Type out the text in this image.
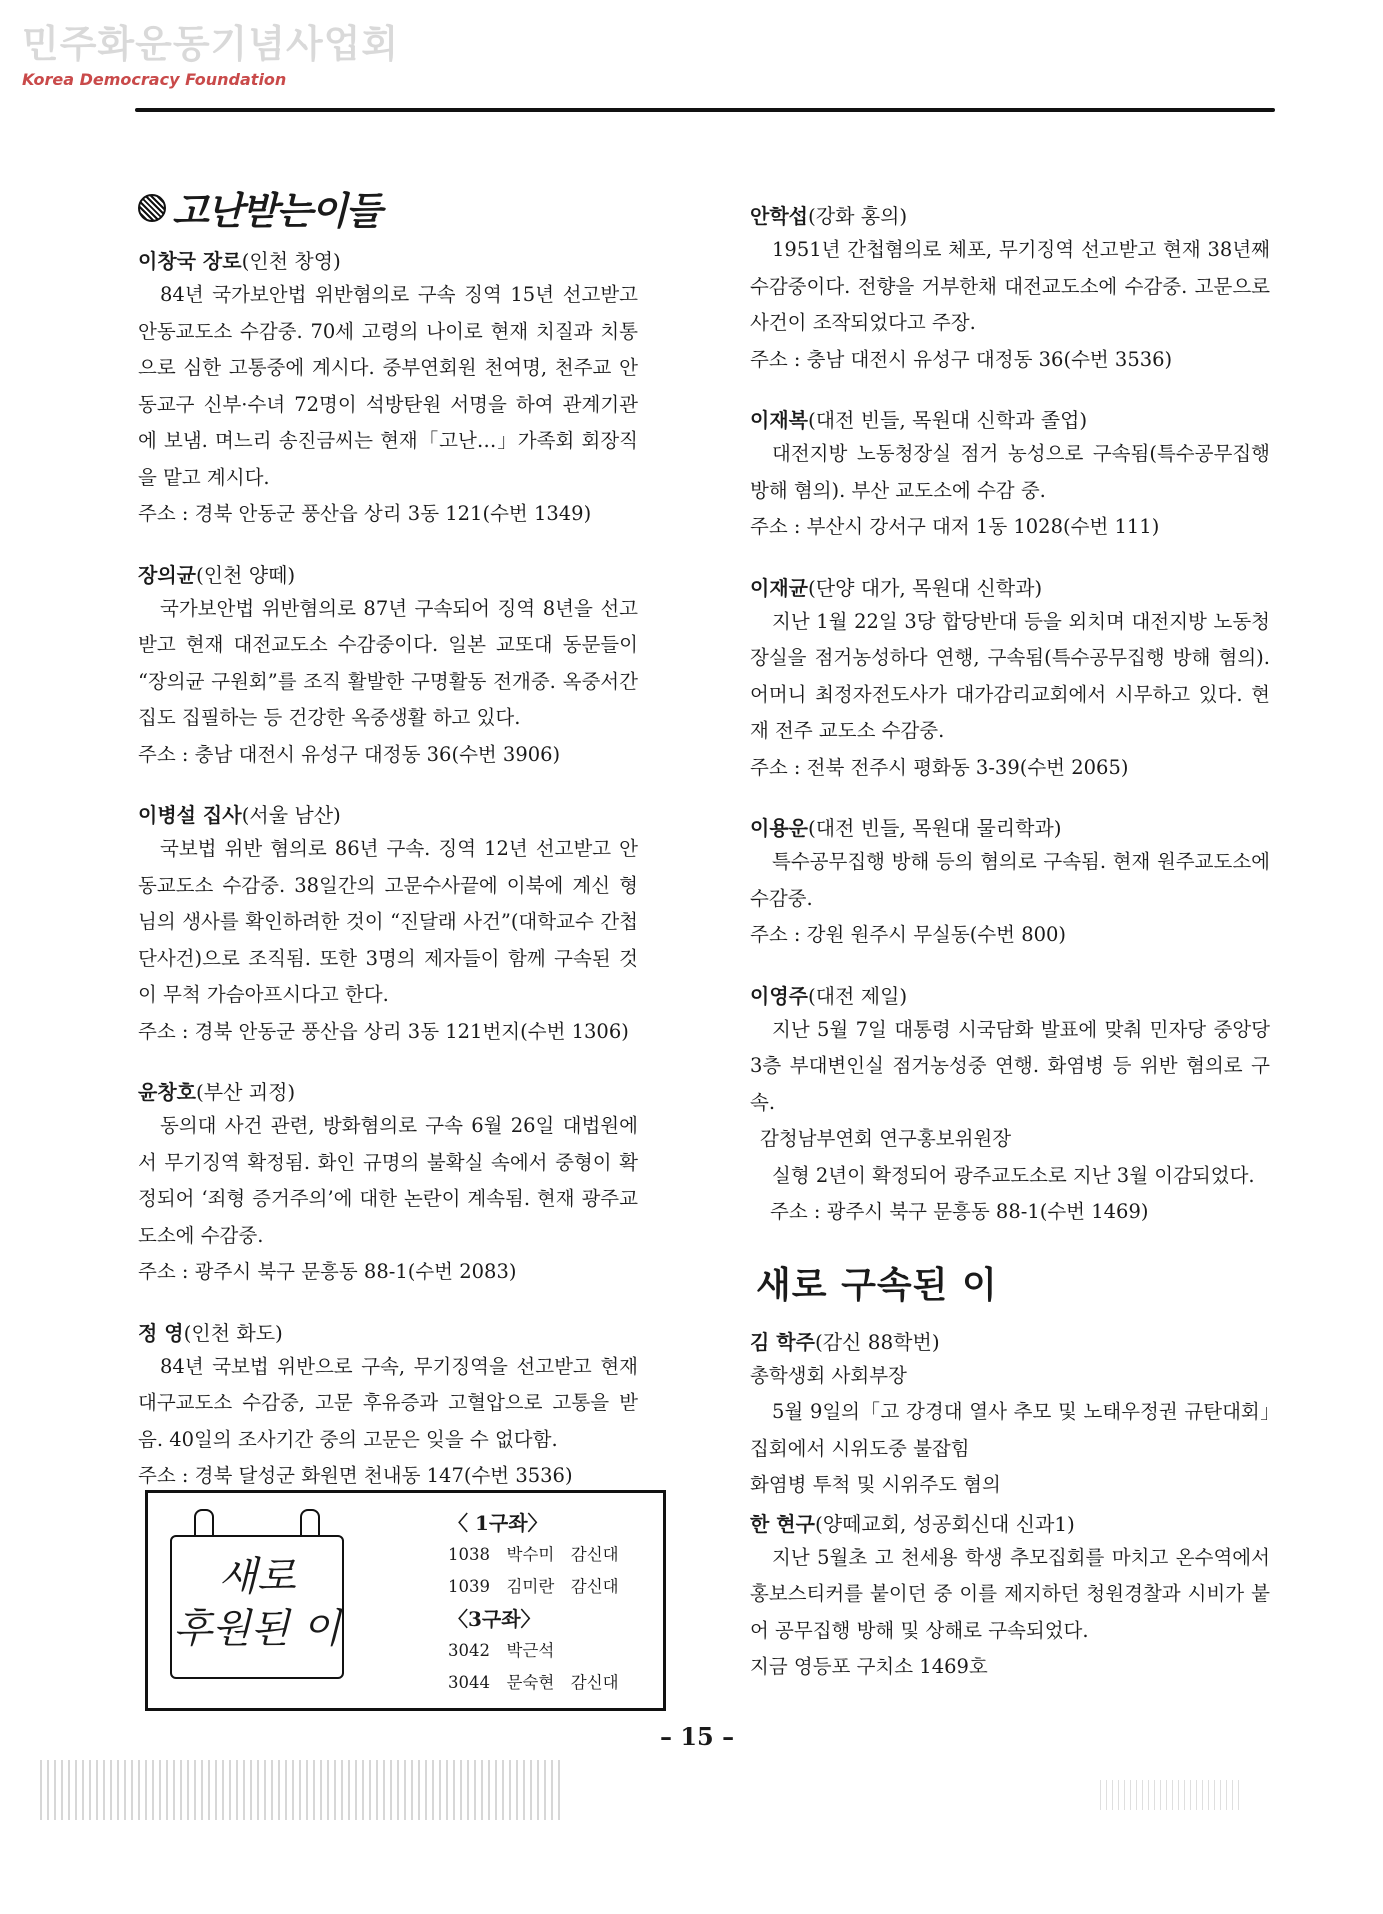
민주화운동기념사업회
Korea Democracy Foundation
고난받는이들
이창국 장로(인천 창영)
84년 국가보안법 위반혐의로 구속 징역 15년 선고받고 안동교도소 수감중. 70세 고령의 나이로 현재 치질과 치통으로 심한 고통중에 계시다. 중부연회원 천여명, 천주교 안동교구 신부·수녀 72명이 석방탄원 서명을 하여 관계기관에 보냄. 며느리 송진금씨는 현재「고난…」가족회 회장직을 맡고 계시다.
주소 : 경북 안동군 풍산읍 상리 3동 121(수번 1349)
장의균(인천 양떼)
국가보안법 위반혐의로 87년 구속되어 징역 8년을 선고받고 현재 대전교도소 수감중이다. 일본 교또대 동문들이 “장의균 구원회”를 조직 활발한 구명활동 전개중. 옥중서간집도 집필하는 등 건강한 옥중생활 하고 있다.
주소 : 충남 대전시 유성구 대정동 36(수번 3906)
이병설 집사(서울 남산)
국보법 위반 혐의로 86년 구속. 징역 12년 선고받고 안동교도소 수감중. 38일간의 고문수사끝에 이북에 계신 형님의 생사를 확인하려한 것이 “진달래 사건”(대학교수 간첩단사건)으로 조직됨. 또한 3명의 제자들이 함께 구속된 것이 무척 가슴아프시다고 한다.
주소 : 경북 안동군 풍산읍 상리 3동 121번지(수번 1306)
윤창호(부산 괴정)
동의대 사건 관련, 방화혐의로 구속 6월 26일 대법원에서 무기징역 확정됨. 화인 규명의 불확실 속에서 중형이 확정되어 ‘죄형 증거주의’에 대한 논란이 계속됨. 현재 광주교도소에 수감중.
주소 : 광주시 북구 문흥동 88-1(수번 2083)
정 영(인천 화도)
84년 국보법 위반으로 구속, 무기징역을 선고받고 현재 대구교도소 수감중, 고문 후유증과 고혈압으로 고통을 받음. 40일의 조사기간 중의 고문은 잊을 수 없다함.
주소 : 경북 달성군 화원면 천내동 147(수번 3536)
안학섭(강화 홍의)
1951년 간첩혐의로 체포, 무기징역 선고받고 현재 38년째 수감중이다. 전향을 거부한채 대전교도소에 수감중. 고문으로 사건이 조작되었다고 주장.
주소 : 충남 대전시 유성구 대정동 36(수번 3536)
이재복(대전 빈들, 목원대 신학과 졸업)
대전지방 노동청장실 점거 농성으로 구속됨(특수공무집행 방해 혐의). 부산 교도소에 수감 중.
주소 : 부산시 강서구 대저 1동 1028(수번 111)
이재균(단양 대가, 목원대 신학과)
지난 1월 22일 3당 합당반대 등을 외치며 대전지방 노동청장실을 점거농성하다 연행, 구속됨(특수공무집행 방해 혐의). 어머니 최정자전도사가 대가감리교회에서 시무하고 있다. 현재 전주 교도소 수감중.
주소 : 전북 전주시 평화동 3-39(수번 2065)
이용운(대전 빈들, 목원대 물리학과)
특수공무집행 방해 등의 혐의로 구속됨. 현재 원주교도소에 수감중.
주소 : 강원 원주시 무실동(수번 800)
이영주(대전 제일)
지난 5월 7일 대통령 시국담화 발표에 맞춰 민자당 중앙당 3층 부대변인실 점거농성중 연행. 화염병 등 위반 혐의로 구속.
감청남부연회 연구홍보위원장
실형 2년이 확정되어 광주교도소로 지난 3월 이감되었다.
주소 : 광주시 북구 문흥동 88-1(수번 1469)
새로 구속된 이
김 학주(감신 88학번)
총학생회 사회부장
5월 9일의「고 강경대 열사 추모 및 노태우정권 규탄대회」집회에서 시위도중 불잡힘
화염병 투척 및 시위주도 혐의
한 현구(양떼교회, 성공회신대 신과1)
지난 5월초 고 천세용 학생 추모집회를 마치고 온수역에서 홍보스티커를 붙이던 중 이를 제지하던 청원경찰과 시비가 붙어 공무집행 방해 및 상해로 구속되었다.
지금 영등포 구치소 1469호
새로
후원된 이
〈 1구좌〉
1038　박수미　감신대
1039　김미란　감신대
〈3구좌〉
3042　박근석
3044　문숙현　감신대
– 15 –
